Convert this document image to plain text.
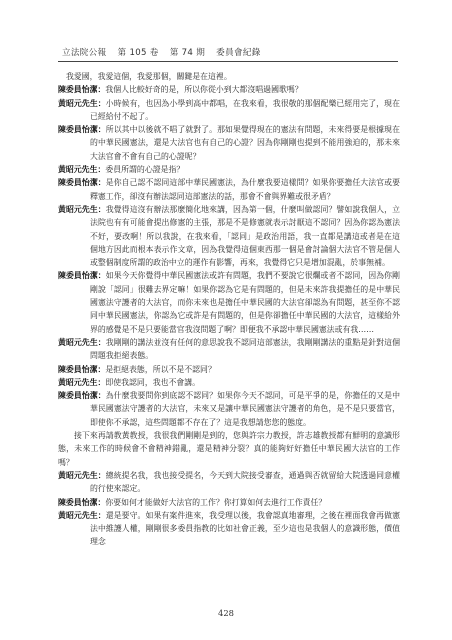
立法院公報 第 105 卷 第 74 期 委員會紀錄

我愛國，我愛這個，我愛那個，關鍵是在這裡。

陳委員怡潔：我個人比較好奇的是，所以你從小到大都沒唱過國歌嗎？

黃昭元先生：小時候有，也因為小學到高中都唱，在我來看，我很敬的那個配樂已經用完了，現在已經給付不起了。

陳委員怡潔：所以其中以後就不唱了就對了。那如果覺得現在的憲法有問題，未來得要是根據現在的中華民國憲法，還是大法官也有自己的心證？因為你剛剛也提到不能用強迫的，那未來大法官會不會有自己的心證呢？

黃昭元先生：委員所謂的心證是指？

陳委員怡潔：是你自己認不認同這部中華民國憲法，為什麼我要這樣問？如果你要擔任大法官或要釋憲工作，卻沒有辦法認同這部憲法的話，那會不會與界難或很矛盾？

黃昭元先生：我覺得這沒有辦法那麼簡化地來講，因為第一個，什麼叫做認同？譬如說我個人，立法院也有有可能會提出修憲的主張，那是不是修憲就表示討厭這不認同？因為你認為憲法不好，要改啊！所以我說，在我來看，「認同」是政治用語，我一直都是講這或者是在這個地方因此而根本表示作文章，因為我覺得這個東西那一個是會討論個大法官不管是個人或整個制度所謂的政治中立的運作有影響，再來，我覺得它只是增加混亂，於事無補。

陳委員怡潔：如果今天你覺得中華民國憲法或許有問題，我們不要說它很爛或者不認同，因為你剛剛說「認同」很難去界定嘛！如果你認為它是有問題的，但是未來許我提擔任的是中華民國憲法守護者的大法官，而你未來也是擔任中華民國的大法官卻認為有問題，甚至你不認同中華民國憲法，你認為它或許是有問題的，但是你卻擔任中華民國的大法官，這樣給外界的感覺是不是只要能當官我沒問題了啊？即便我不承認中華民國憲法或有我……

黃昭元先生：我剛剛的講法並沒有任何的意思說我不認同這部憲法，我剛剛講法的重點是針對這個問題我拒絕表態。

陳委員怡潔：是拒絕表態，所以不是不認同？

黃昭元先生：即使我認同，我也不會講。

陳委員怡潔：為什麼我要問你到底認不認同？如果你今天不認同，可是平爭的是，你擔任的又是中華民國憲法守護者的大法官，未來又是讓中華民國憲法守護者的角色，是不是只要當官，即使你不承認，這些問題都不存在了？這是我想請您您的態度。

接下來再請教黃教授，我很我們剛剛是到的，您與許宗力教授，許志雄教授都有鮮明的意識形態，未來工作的時候會不會精神錯亂，還是精神分裂？真的能夠好好擔任中華民國大法官的工作嗎？

黃昭元先生：總統提名我，我也接受提名，今天到大院接受審查，通過與否就留給大院透過同意權的行使來認定。

陳委員怡潔：你要如何才能做好大法官的工作？你打算如何去進行工作責任？

黃昭元先生：還是要守。如果有案件進來，我受理以後，我會認真地審理，之後在裡面我會再做憲法中維護人權，剛剛很多委員指教的比如社會正義，至少這也是我個人的意識形態，價值理念

428
